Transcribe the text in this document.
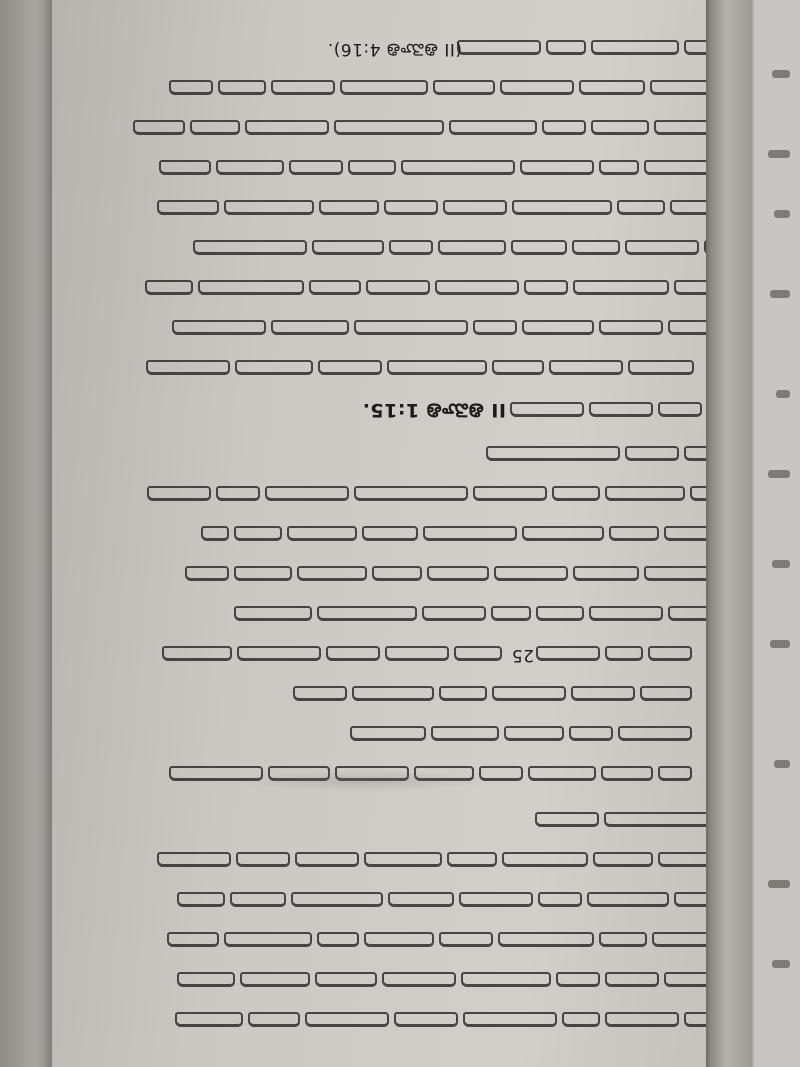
25
II తిమోతి 1:15.
(II తిమోతి 4:16).
